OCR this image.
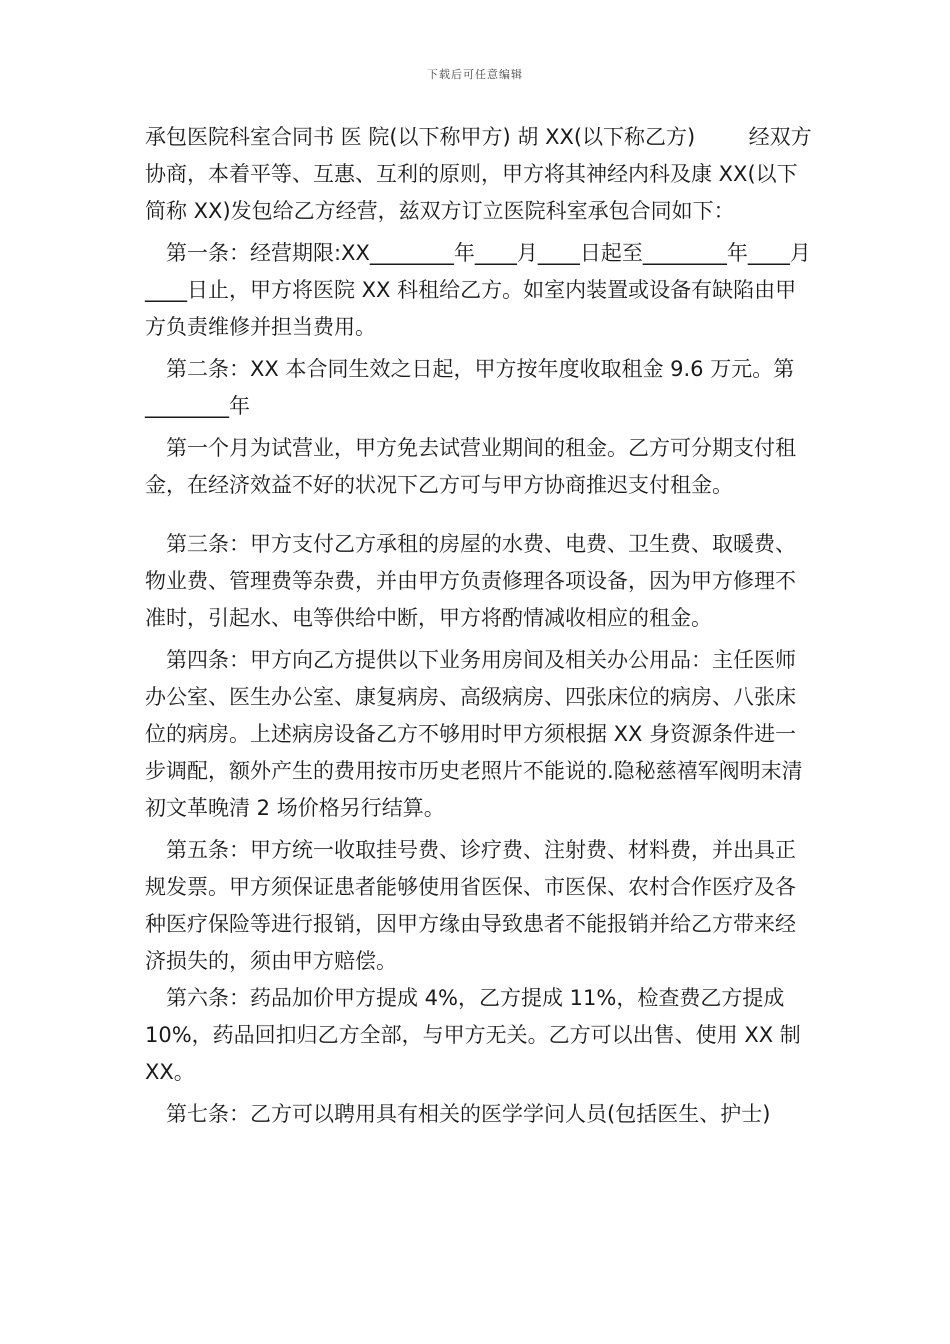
下载后可任意编辑

承包医院科室合同书 医 院(以下称甲方) 胡 XX(以下称乙方)        经双方协商，本着平等、互惠、互利的原则，甲方将其神经内科及康 XX(以下简称 XX)发包给乙方经营，兹双方订立医院科室承包合同如下：

第一条：经营期限:XX________年____月____日起至________年____月____日止，甲方将医院 XX 科租给乙方。如室内装置或设备有缺陷由甲方负责维修并担当费用。

第二条：XX 本合同生效之日起，甲方按年度收取租金 9.6 万元。第________年

第一个月为试营业，甲方免去试营业期间的租金。乙方可分期支付租金，在经济效益不好的状况下乙方可与甲方协商推迟支付租金。

第三条：甲方支付乙方承租的房屋的水费、电费、卫生费、取暖费、物业费、管理费等杂费，并由甲方负责修理各项设备，因为甲方修理不准时，引起水、电等供给中断，甲方将酌情减收相应的租金。

第四条：甲方向乙方提供以下业务用房间及相关办公用品：主任医师办公室、医生办公室、康复病房、高级病房、四张床位的病房、八张床位的病房。上述病房设备乙方不够用时甲方须根据 XX 身资源条件进一步调配，额外产生的费用按市历史老照片不能说的.隐秘慈禧军阀明末清初文革晚清 2 场价格另行结算。

第五条：甲方统一收取挂号费、诊疗费、注射费、材料费，并出具正规发票。甲方须保证患者能够使用省医保、市医保、农村合作医疗及各种医疗保险等进行报销，因甲方缘由导致患者不能报销并给乙方带来经济损失的，须由甲方赔偿。

第六条：药品加价甲方提成 4%，乙方提成 11%，检查费乙方提成 10%，药品回扣归乙方全部，与甲方无关。乙方可以出售、使用 XX 制 XX。

第七条：乙方可以聘用具有相关的医学学问人员(包括医生、护士)
